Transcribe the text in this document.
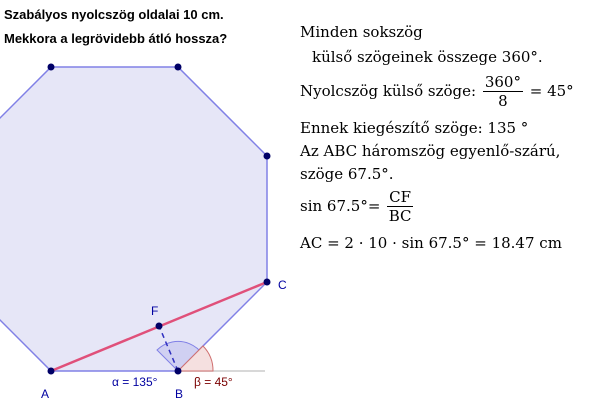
A	B
C
F
α = 135°	β = 45°

Szabályos nyolcszög oldalai 10 cm.

Mekkora a legrövidebb átló hossza?	Minden sokszög
külső szögeinek összege 360°.
Nyolcszög külső szöge: $\frac{360^\circ}{8} = 45^\circ$
Ennek kiegészítő szöge: 135 °
Az ABC háromszög egyenlő-szárú,
szöge 67.5°.
$\sin 67.5^\circ= \frac{CF}{BC}$
AC = 2 · 10 · sin 67.5° = 18.47 cm
